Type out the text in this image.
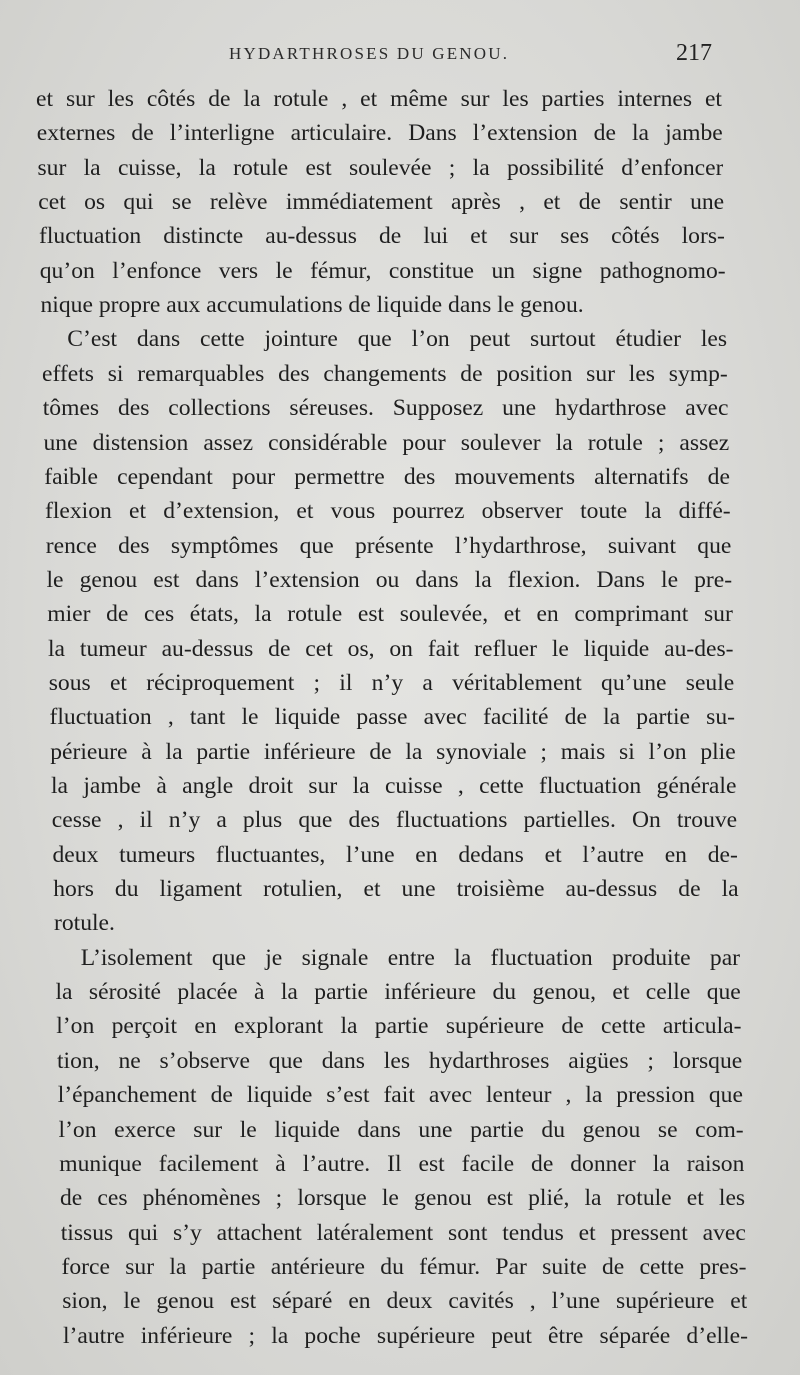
HYDARTHROSES DU GENOU.	217
et sur les côtés de la rotule , et même sur les parties internes et
externes de l’interligne articulaire. Dans l’extension de la jambe
sur la cuisse, la rotule est soulevée ; la possibilité d’enfoncer
cet os qui se relève immédiatement après , et de sentir une
fluctuation distincte au-dessus de lui et sur ses côtés lors-
qu’on l’enfonce vers le fémur, constitue un signe pathognomo-
nique propre aux accumulations de liquide dans le genou.
C’est dans cette jointure que l’on peut surtout étudier les
effets si remarquables des changements de position sur les symp-
tômes des collections séreuses. Supposez une hydarthrose avec
une distension assez considérable pour soulever la rotule ; assez
faible cependant pour permettre des mouvements alternatifs de
flexion et d’extension, et vous pourrez observer toute la diffé-
rence des symptômes que présente l’hydarthrose, suivant que
le genou est dans l’extension ou dans la flexion. Dans le pre-
mier de ces états, la rotule est soulevée, et en comprimant sur
la tumeur au-dessus de cet os, on fait refluer le liquide au-des-
sous et réciproquement ; il n’y a véritablement qu’une seule
fluctuation , tant le liquide passe avec facilité de la partie su-
périeure à la partie inférieure de la synoviale ; mais si l’on plie
la jambe à angle droit sur la cuisse , cette fluctuation générale
cesse , il n’y a plus que des fluctuations partielles. On trouve
deux tumeurs fluctuantes, l’une en dedans et l’autre en de-
hors du ligament rotulien, et une troisième au-dessus de la
rotule.
L’isolement que je signale entre la fluctuation produite par
la sérosité placée à la partie inférieure du genou, et celle que
l’on perçoit en explorant la partie supérieure de cette articula-
tion, ne s’observe que dans les hydarthroses aigües ; lorsque
l’épanchement de liquide s’est fait avec lenteur , la pression que
l’on exerce sur le liquide dans une partie du genou se com-
munique facilement à l’autre. Il est facile de donner la raison
de ces phénomènes ; lorsque le genou est plié, la rotule et les
tissus qui s’y attachent latéralement sont tendus et pressent avec
force sur la partie antérieure du fémur. Par suite de cette pres-
sion, le genou est séparé en deux cavités , l’une supérieure et
l’autre inférieure ; la poche supérieure peut être séparée d’elle-
